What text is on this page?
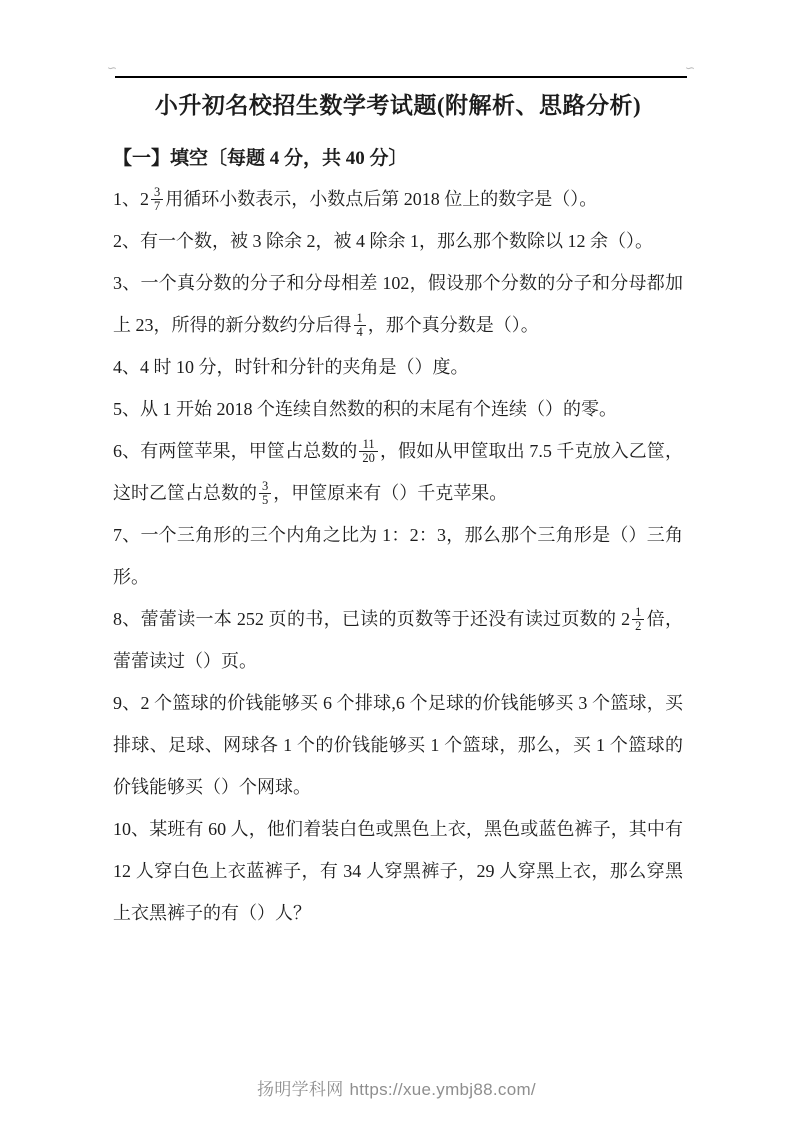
∽ ∽
小升初名校招生数学考试题(附解析、思路分析)
【一】填空〔每题 4 分，共 40 分〕

1、$2 \frac{3}{7}$ 用循环小数表示，小数点后第 2018 位上的数字是（）。

2、有一个数，被 3 除余 2，被 4 除余 1，那么那个数除以 12 余（）。

3、一个真分数的分子和分母相差 102，假设那个分数的分子和分母都加上 23，所得的新分数约分后得 $\frac{1}{4}$ ，那个真分数是（）。

4、4 时 10 分，时针和分针的夹角是（）度。

5、从 1 开始 2018 个连续自然数的积的末尾有个连续（）的零。

6、有两筐苹果，甲筐占总数的 $\frac{11}{20}$ ，假如从甲筐取出 7.5 千克放入乙筐，这时乙筐占总数的 $\frac{3}{5}$ ，甲筐原来有（）千克苹果。

7、一个三角形的三个内角之比为 1：2：3，那么那个三角形是（）三角形。

8、蕾蕾读一本 252 页的书，已读的页数等于还没有读过页数的 $2 \frac{1}{2}$ 倍，蕾蕾读过（）页。

9、2 个篮球的价钱能够买 6 个排球,6 个足球的价钱能够买 3 个篮球，买排球、足球、网球各 1 个的价钱能够买 1 个篮球，那么，买 1 个篮球的价钱能够买（）个网球。

10、某班有 60 人，他们着装白色或黑色上衣，黑色或蓝色裤子，其中有 12 人穿白色上衣蓝裤子，有 34 人穿黑裤子，29 人穿黑上衣，那么穿黑上衣黑裤子的有（）人？

扬明学科网 https://xue.ymbj88.com/
